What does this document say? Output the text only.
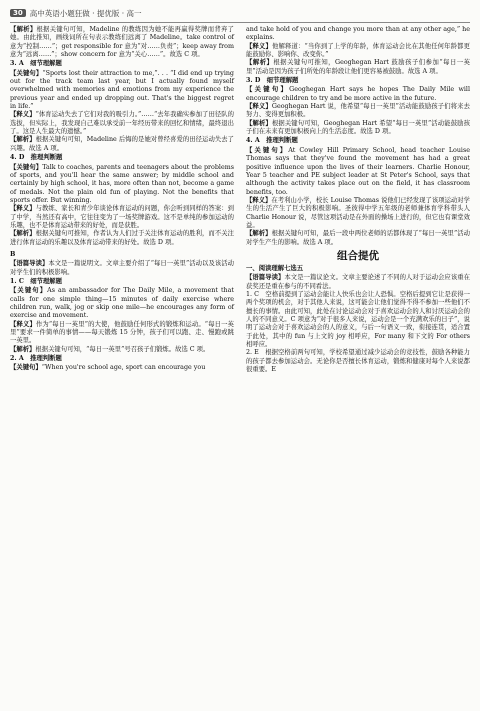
30 高中英语小题狂做 · 提优版 · 高一

【解析】根据关键句可知，Madeline 的教练因为她不能再赢得奖牌而背弃了她。由此推知，画线词所在句表示教练们远离了 Madeline。take control of 意为“控制……”；get responsible for 意为“对……负责”；keep away from 意为“远离……”；show concern for 意为“关心……”。故选 C 项。

3. A　细节理解题

【关键句】“Sports lost their attraction to me,”. . . “I did end up trying out for the track team last year, but I actually found myself overwhelmed with memories and emotions from my experience the previous year and ended up dropping out. That's the biggest regret in life.”

【释义】“体育运动失去了它们对我的吸引力。”……“去年我确实参加了田径队的选拔，但实际上，我发现自己难以承受前一年经历带来的回忆和情绪，最终退出了。这是人生最大的遗憾。”

【解析】根据关键句可知，Madeline 后悔的是她对曾经喜爱的田径运动失去了兴趣。故选 A 项。

4. D　推理判断题

【关键句】Talk to coaches, parents and teenagers about the problems of sports, and you'll hear the same answer; by middle school and certainly by high school, it has, more often than not, become a game of medals. Not the plain old fun of playing. Not the benefits that sports offer. But winning.

【释义】与教练、家长和青少年谈论体育运动的问题，你会听到同样的答案：到了中学，当然还有高中，它往往变为了一场奖牌游戏。这不是单纯的参加运动的乐趣，也不是体育运动带来的好处，而是获胜。

【解析】根据关键句可推知，作者认为人们过于关注体育运动的胜利，而不关注进行体育运动的乐趣以及体育运动带来的好处。故选 D 项。

B

【语篇导读】本文是一篇说明文。文章主要介绍了“每日一英里”活动以及该活动对学生们的积极影响。

1. C　细节理解题

【关键句】As an ambassador for The Daily Mile, a movement that calls for one simple thing—15 minutes of daily exercise where children run, walk, jog or skip one mile—he encourages any form of exercise and movement.

【释义】作为“每日一英里”的大使，他鼓励任何形式的锻炼和运动。“每日一英里”要求一件简单的事情——每天锻炼 15 分钟，孩子们可以跑、走、慢跑或跳一英里。

【解析】根据关键句可知，“每日一英里”号召孩子们锻炼。故选 C 项。

2. A　推理判断题

【关键句】“When you're school age, sport can encourage you

and take hold of you and change you more than at any other age,” he explains.

【释义】他解释道：“当你到了上学的年龄，体育运动会比在其他任何年龄都更能鼓励你、影响你、改变你。”

【解析】根据关键句可推知，Geoghegan Hart 鼓励孩子们参加“每日一英里”活动是因为孩子们所处的年龄段让他们更容易被鼓励。故选 A 项。

3. D　细节理解题

【关键句】Geoghegan Hart says he hopes The Daily Mile will encourage children to try and be more active in the future.

【释义】Geoghegan Hart 说，他希望“每日一英里”活动能鼓励孩子们将来去努力、变得更加积极。

【解析】根据关键句可知，Geoghegan Hart 希望“每日一英里”活动能鼓励孩子们在未来有更加积极向上的生活态度。故选 D 项。

4. A　推理判断题

【关键句】At Cowley Hill Primary School, head teacher Louise Thomas says that they've found the movement has had a great positive influence upon the lives of their learners. Charlie Honour, Year 5 teacher and PE subject leader at St Peter's School, says that although the activity takes place out on the field, it has classroom benefits, too.

【释义】在考利山小学，校长 Louise Thomas 说他们已经发现了该项运动对学生的生活产生了巨大的积极影响。圣彼得中学五年级的老师兼体育学科带头人 Charlie Honour 说，尽管这项活动是在外面的操场上进行的，但它也有课堂效益。

【解析】根据关键句可知，最后一段中两位老师的话都体现了“每日一英里”活动对学生产生的影响。故选 A 项。

组合提优
一、阅读理解七选五

【语篇导读】本文是一篇议论文。文章主要论述了不同的人对于运动会应该重在获奖还是重在参与的不同看法。

1. C　空格前提到了运动会能让人快乐也会让人恐惧。空格后提到它让是获得一两个奖项的机会，对于其他人来说，这可能会让他们觉得不得不参加一些他们不擅长的事情。由此可知，此处在讨论运动会对于喜欢运动会的人和讨厌运动会的人的不同意义。C 项意为“对于很多人来说，运动会是一个充满欢乐的日子”，说明了运动会对于喜欢运动会的人的意义，与后一句语义一致，衔接连贯，适合置于此处，其中的 fun 与上文的 joy 相呼应，For many 和下文的 For others 相呼应。

2. E　根据空格前两句可知，学校希望通过减少运动会的竞技性，鼓励各种能力的孩子都去参加运动会。无论你是否擅长体育运动，锻炼和健康对每个人来说都很重要。E
